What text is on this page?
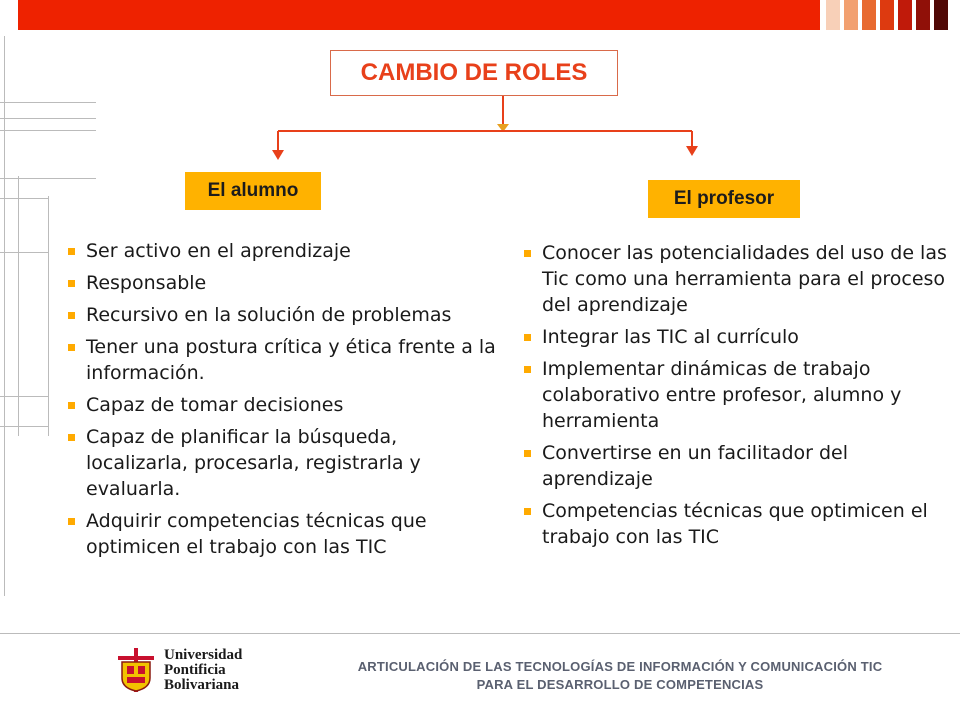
CAMBIO DE ROLES
El alumno	El profesor
Ser activo en el aprendizaje
Responsable
Recursivo en la solución de problemas
Tener una postura crítica y ética frente a la información.
Capaz de tomar decisiones
Capaz de planificar la búsqueda, localizarla, procesarla, registrarla y evaluarla.
Adquirir competencias técnicas que optimicen el trabajo con las TIC
Conocer las potencialidades del uso de las Tic como una herramienta para el proceso del aprendizaje
Integrar las TIC al currículo
Implementar dinámicas de trabajo colaborativo entre profesor, alumno y herramienta
Convertirse en un facilitador del aprendizaje
Competencias técnicas que optimicen el trabajo con las TIC
Universidad
Pontificia
Bolivariana
ARTICULACIÓN DE LAS TECNOLOGÍAS DE INFORMACIÓN Y COMUNICACIÓN TIC
PARA EL DESARROLLO DE COMPETENCIAS
